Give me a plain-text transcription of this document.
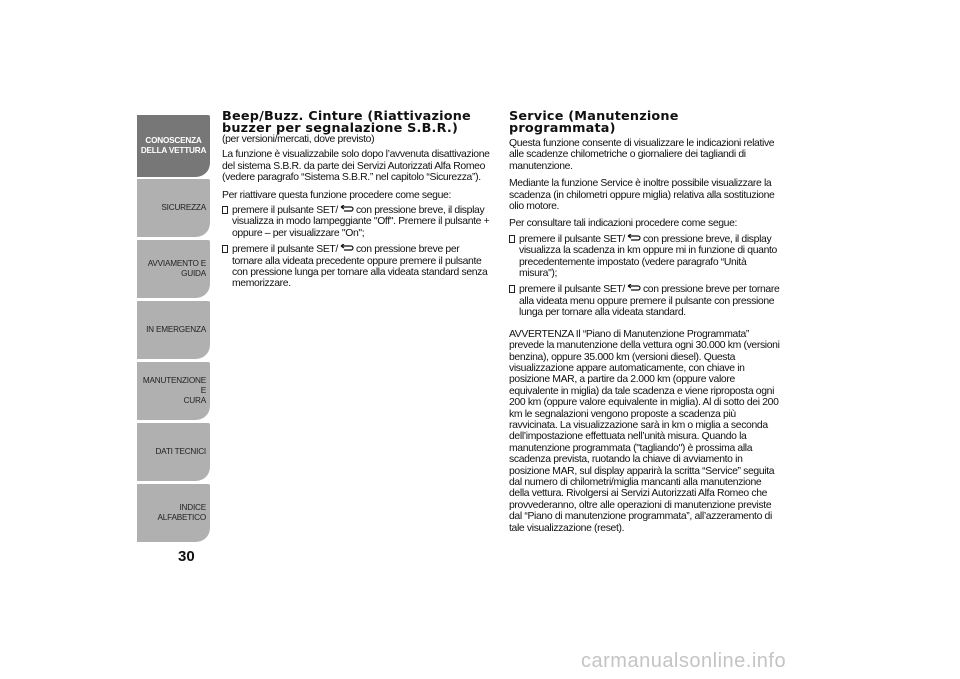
CONOSCENZA
DELLA VETTURA
SICUREZZA
AVVIAMENTO E
GUIDA
IN EMERGENZA
MANUTENZIONE E
CURA
DATI TECNICI
INDICE ALFABETICO
30
Beep/Buzz. Cinture (Riattivazione buzzer per segnalazione S.B.R.)

(per versioni/mercati, dove previsto)

La funzione è visualizzabile solo dopo l’avvenuta disattivazione del sistema S.B.R. da parte dei Servizi Autorizzati Alfa Romeo (vedere paragrafo “Sistema S.B.R.” nel capitolo “Sicurezza”).

Per riattivare questa funzione procedere come segue:

premere il pulsante SET/ con pressione breve, il display visualizza in modo lampeggiante "Off". Premere il pulsante + oppure – per visualizzare "On";
premere il pulsante SET/ con pressione breve per tornare alla videata precedente oppure premere il pulsante con pressione lunga per tornare alla videata standard senza memorizzare.
Service (Manutenzione programmata)

Questa funzione consente di visualizzare le indicazioni relative alle scadenze chilometriche o giornaliere dei tagliandi di manutenzione.

Mediante la funzione Service è inoltre possibile visualizzare la scadenza (in chilometri oppure miglia) relativa alla sostituzione olio motore.

Per consultare tali indicazioni procedere come segue:

premere il pulsante SET/ con pressione breve, il display visualizza la scadenza in km oppure mi in funzione di quanto precedentemente impostato (vedere paragrafo “Unità misura");
premere il pulsante SET/ con pressione breve per tornare alla videata menu oppure premere il pulsante con pressione lunga per tornare alla videata standard.

AVVERTENZA Il “Piano di Manutenzione Programmata” prevede la manutenzione della vettura ogni 30.000 km (versioni benzina), oppure 35.000 km (versioni diesel). Questa visualizzazione appare automaticamente, con chiave in posizione MAR, a partire da 2.000 km (oppure valore equivalente in miglia) da tale scadenza e viene riproposta ogni 200 km (oppure valore equivalente in miglia). Al di sotto dei 200 km le segnalazioni vengono proposte a scadenza più ravvicinata. La visualizzazione sarà in km o miglia a seconda dell’impostazione effettuata nell’unità misura. Quando la manutenzione programmata ("tagliando") è prossima alla scadenza prevista, ruotando la chiave di avviamento in posizione MAR, sul display apparirà la scritta “Service” seguita dal numero di chilometri/miglia mancanti alla manutenzione della vettura. Rivolgersi ai Servizi Autorizzati Alfa Romeo che provvederanno, oltre alle operazioni di manutenzione previste dal “Piano di manutenzione programmata”, all’azzeramento di tale visualizzazione (reset).

carmanualsonline.info
